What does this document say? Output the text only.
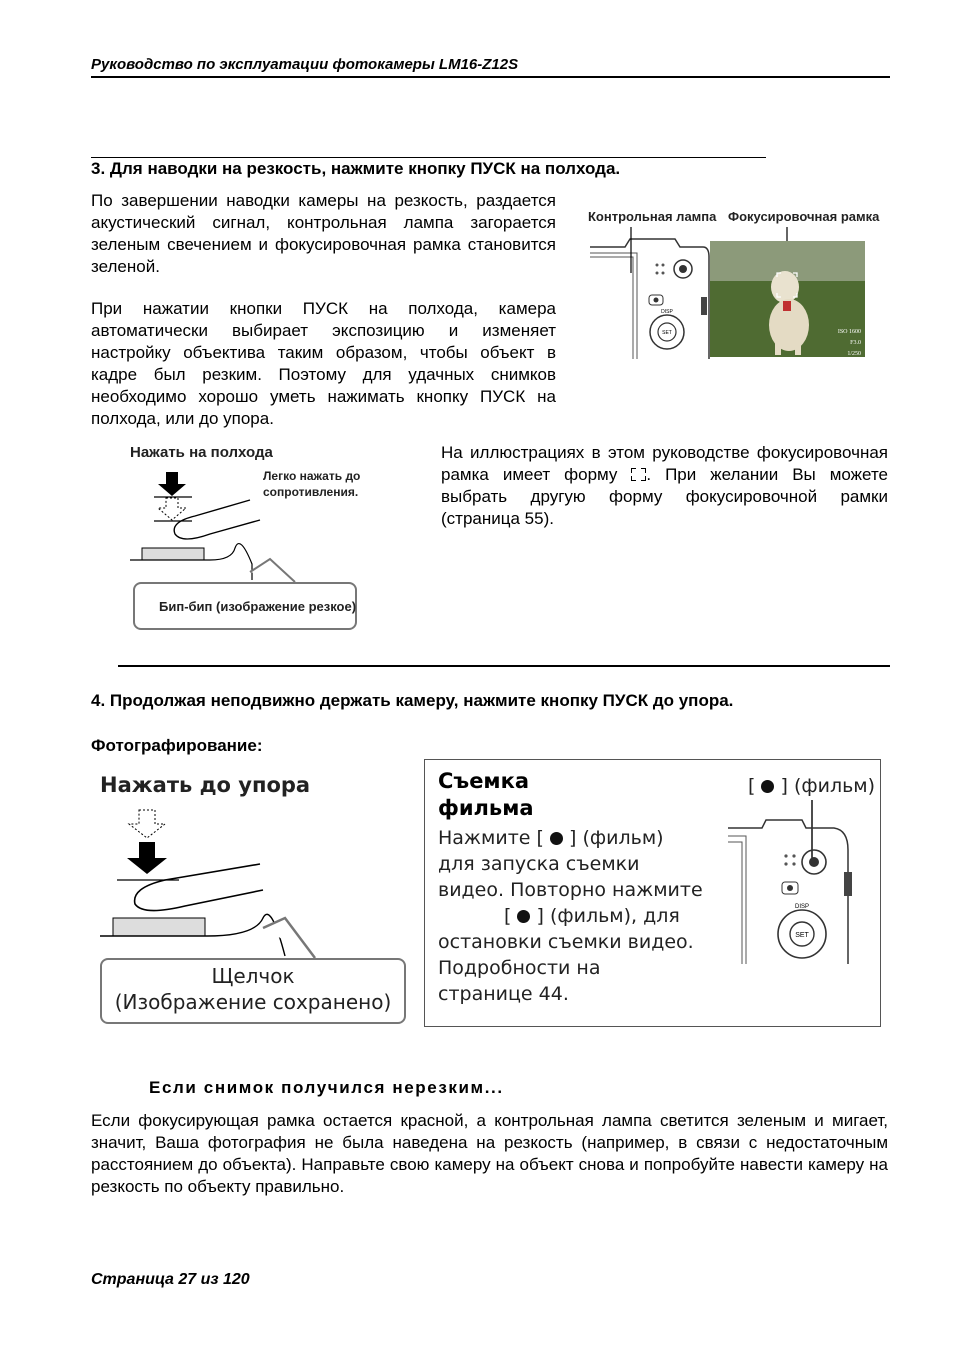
Руководство по эксплуатации фотокамеры LM16-Z12S
3. Для наводки на резкость, нажмите кнопку ПУСК на полхода.
По завершении наводки камеры на резкость, раздается акустический сигнал, контрольная лампа загорается зеленым свечением и фокусировочная рамка становится зеленой.
При нажатии кнопки ПУСК на полхода, камера автоматически выбирает экспозицию и изменяет настройку объектива таким образом, чтобы объект в кадре был резким. Поэтому для удачных снимков необходимо хорошо уметь нажимать кнопку ПУСК на полхода, или до упора.
Контрольная лампа Фокусировочная рамка
SET
DISP
ISO 1600
F3.0
1/250
Нажать на полхода
Легко нажать до сопротивления.
Бип-бип (изображение резкое)
На иллюстрациях в этом руководстве фокусировочная рамка имеет форму
. При желании Вы можете выбрать другую форму фокусировочной рамки (страница 55).
4. Продолжая неподвижно держать камеру, нажмите кнопку ПУСК до упора.
Фотографирование:
Нажать до упора
Щелчок
(Изображение сохранено)
Съемка
фильма
[  ] (фильм)
Нажмите [ ] (фильм)
для запуска съемки
видео. Повторно нажмите
[  ] (фильм), для
остановки съемки видео.
Подробности на
странице 44.
DISP
SET
Если снимок получился нерезким...
Если фокусирующая рамка остается красной, а контрольная лампа светится зеленым и мигает, значит, Ваша фотография не была наведена на резкость (например, в связи с недостаточным расстоянием до объекта). Направьте свою камеру на объект снова и попробуйте навести камеру на резкость по объекту правильно.
Страница 27 из 120
